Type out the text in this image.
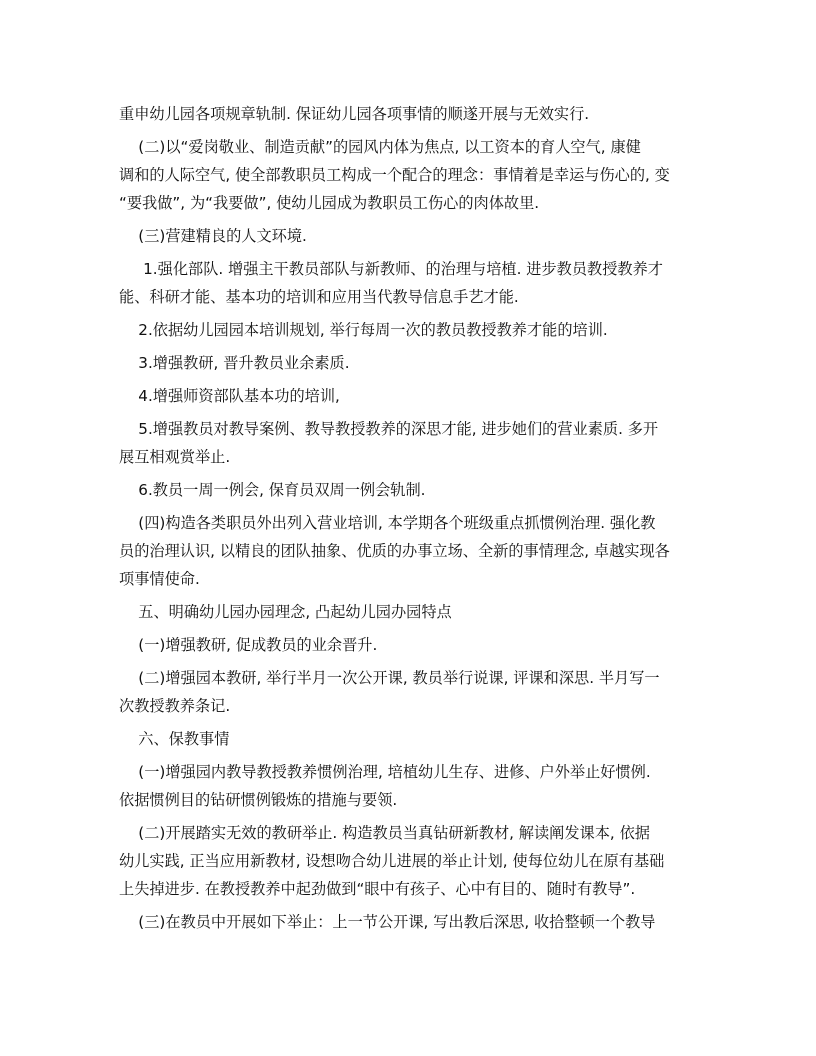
重申幼儿园各项规章轨制. 保证幼儿园各项事情的顺遂开展与无效实行.

(二)以“爱岗敬业、制造贡献”的园风内体为焦点, 以工资本的育人空气, 康健

调和的人际空气, 使全部教职员工构成一个配合的理念：事情着是幸运与伤心的, 变

“要我做”, 为“我要做”, 使幼儿园成为教职员工伤心的肉体故里.

(三)营建精良的人文环境.

1.强化部队. 增强主干教员部队与新教师、的治理与培植. 进步教员教授教养才

能、科研才能、基本功的培训和应用当代教导信息手艺才能.

2.依据幼儿园园本培训规划, 举行每周一次的教员教授教养才能的培训.

3.增强教研, 晋升教员业余素质.

4.增强师资部队基本功的培训,

5.增强教员对教导案例、教导教授教养的深思才能, 进步她们的营业素质. 多开

展互相观赏举止.

6.教员一周一例会, 保育员双周一例会轨制.

(四)构造各类职员外出列入营业培训, 本学期各个班级重点抓惯例治理. 强化教

员的治理认识, 以精良的团队抽象、优质的办事立场、全新的事情理念, 卓越实现各

项事情使命.

五、明确幼儿园办园理念, 凸起幼儿园办园特点

(一)增强教研, 促成教员的业余晋升.

(二)增强园本教研, 举行半月一次公开课, 教员举行说课, 评课和深思. 半月写一

次教授教养条记.

六、保教事情

(一)增强园内教导教授教养惯例治理, 培植幼儿生存、进修、户外举止好惯例.

依据惯例目的钻研惯例锻炼的措施与要领.

(二)开展踏实无效的教研举止. 构造教员当真钻研新教材, 解读阐发课本, 依据

幼儿实践, 正当应用新教材, 设想吻合幼儿进展的举止计划, 使每位幼儿在原有基础

上失掉进步. 在教授教养中起劲做到“眼中有孩子、心中有目的、随时有教导”.

(三)在教员中开展如下举止：上一节公开课, 写出教后深思, 收拾整顿一个教导
